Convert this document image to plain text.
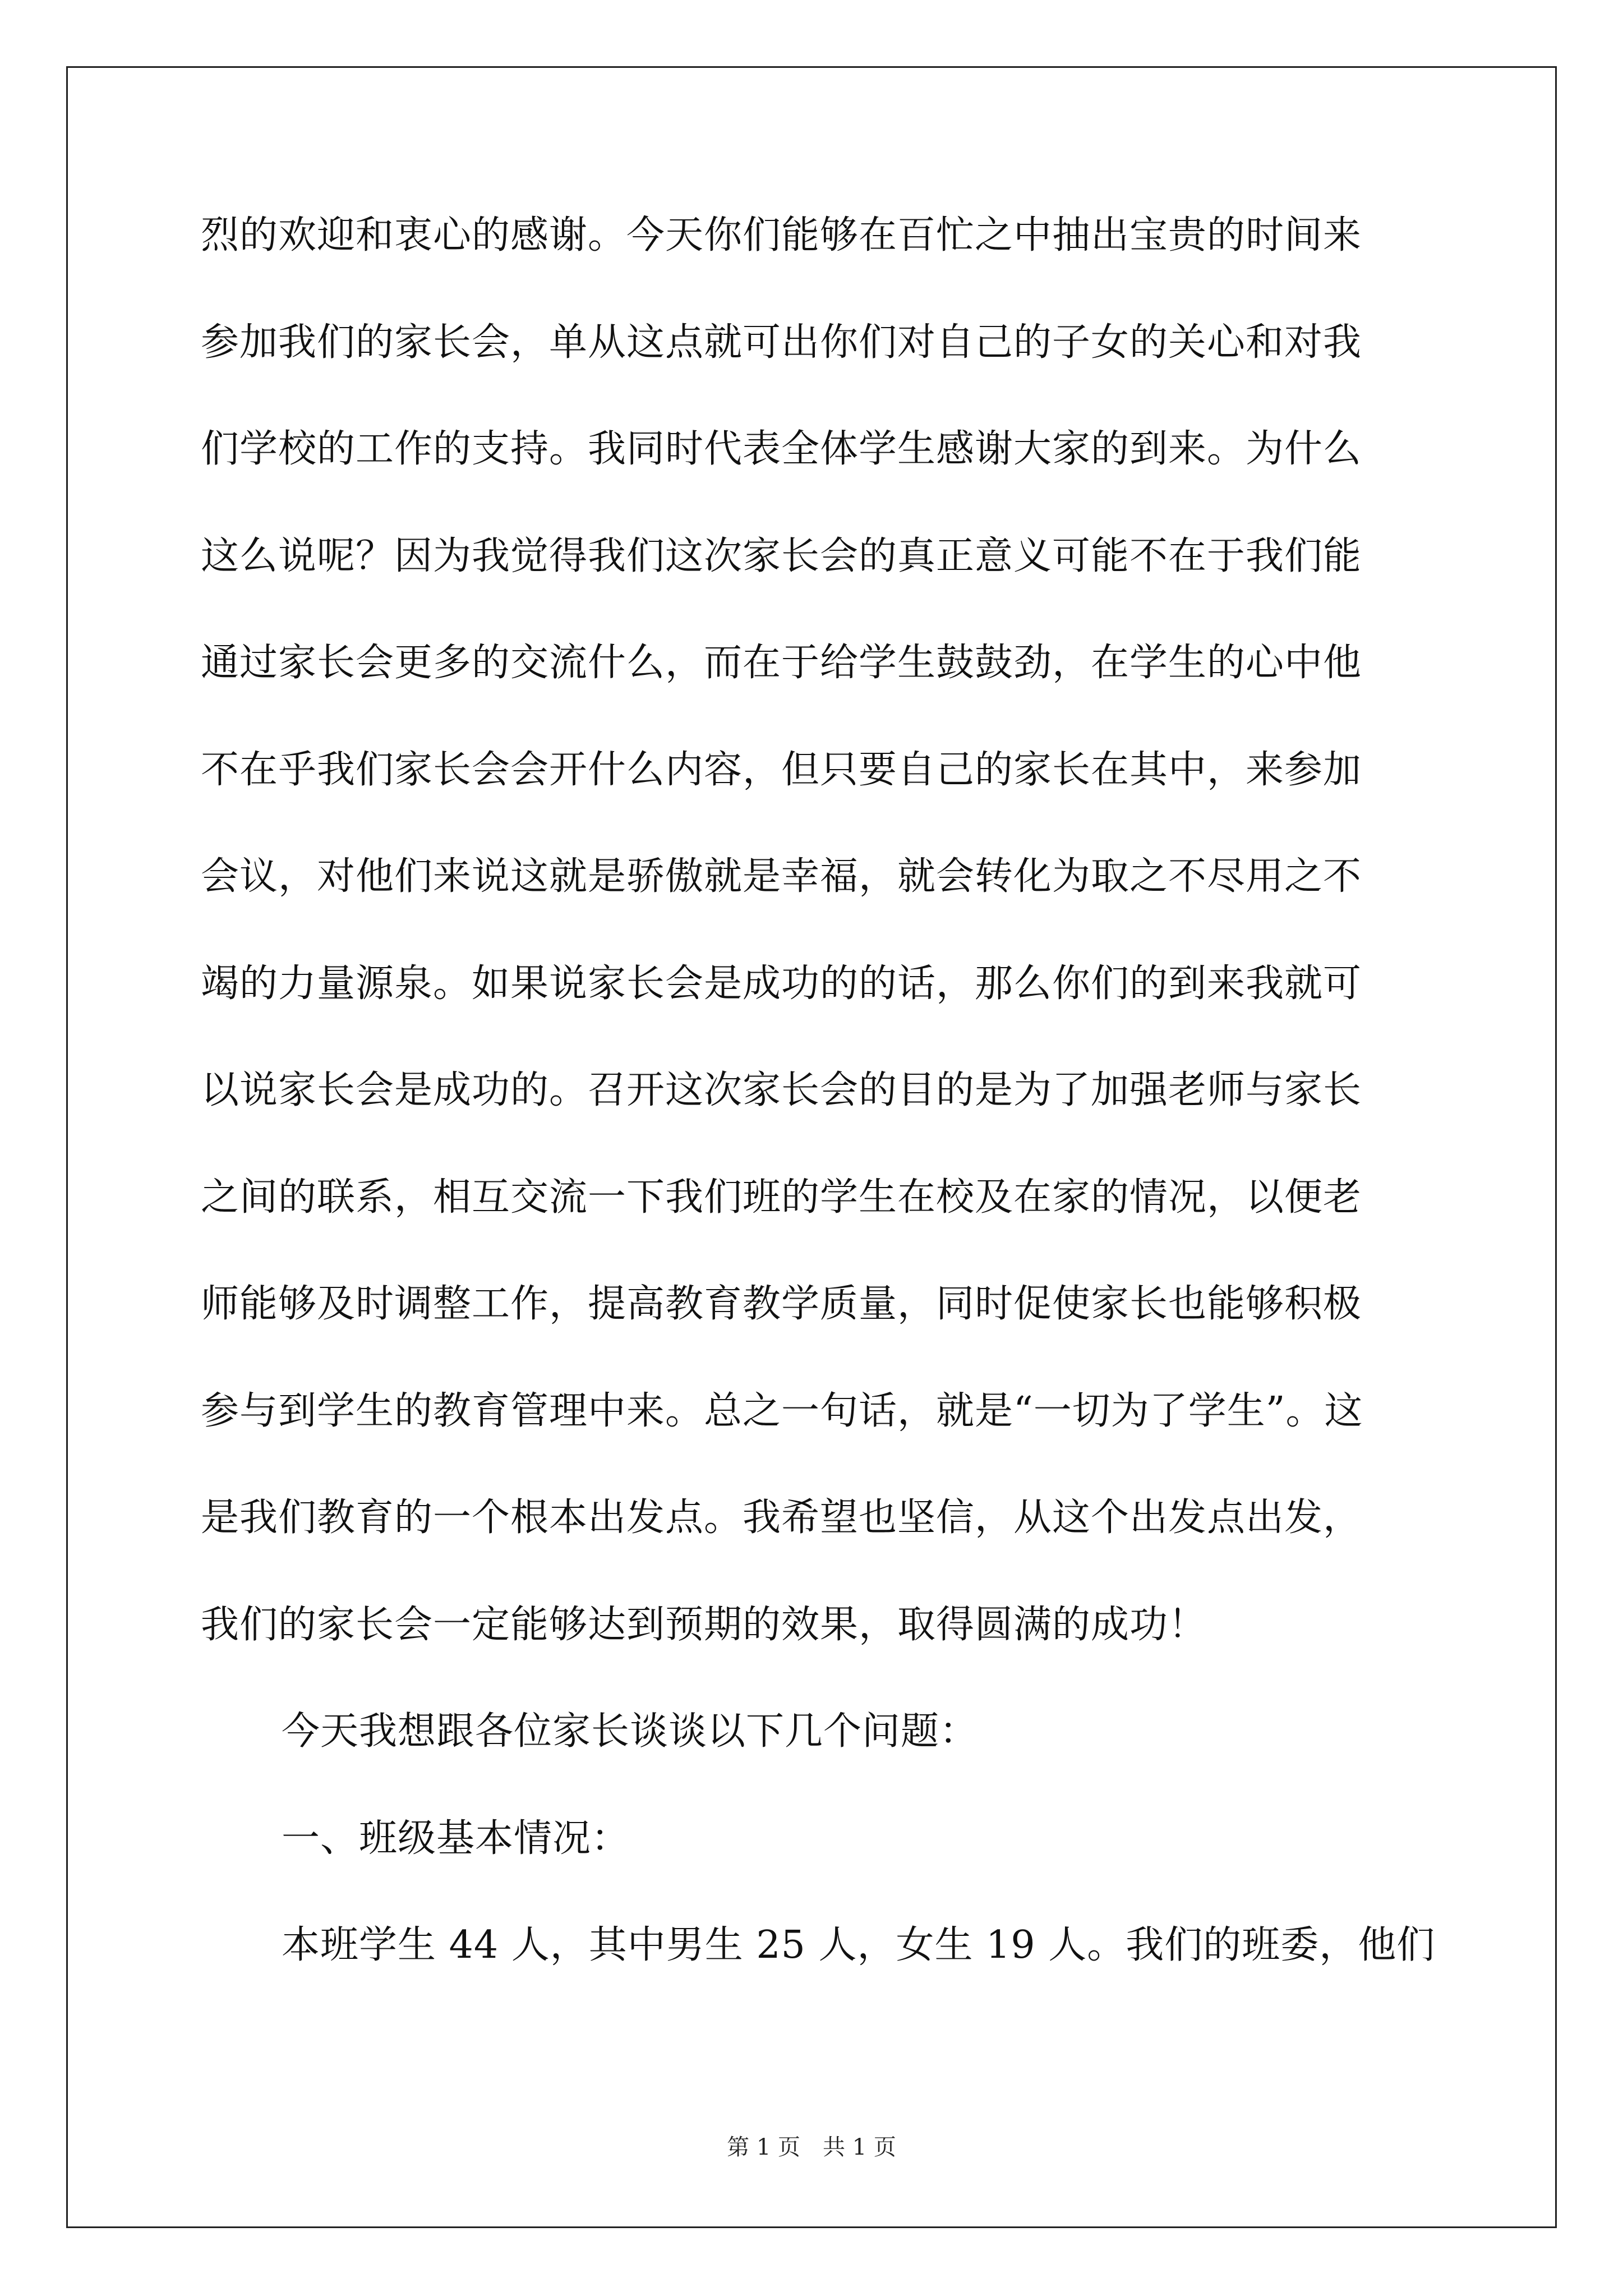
烈的欢迎和衷心的感谢。今天你们能够在百忙之中抽出宝贵的时间来
参加我们的家长会，单从这点就可出你们对自己的子女的关心和对我
们学校的工作的支持。我同时代表全体学生感谢大家的到来。为什么
这么说呢？因为我觉得我们这次家长会的真正意义可能不在于我们能
通过家长会更多的交流什么，而在于给学生鼓鼓劲，在学生的心中他
不在乎我们家长会会开什么内容，但只要自己的家长在其中，来参加
会议，对他们来说这就是骄傲就是幸福，就会转化为取之不尽用之不
竭的力量源泉。如果说家长会是成功的的话，那么你们的到来我就可
以说家长会是成功的。召开这次家长会的目的是为了加强老师与家长
之间的联系，相互交流一下我们班的学生在校及在家的情况，以便老
师能够及时调整工作，提高教育教学质量，同时促使家长也能够积极
参与到学生的教育管理中来。总之一句话，就是“一切为了学生”。这
是我们教育的一个根本出发点。我希望也坚信，从这个出发点出发，
我们的家长会一定能够达到预期的效果，取得圆满的成功！
今天我想跟各位家长谈谈以下几个问题：
一、班级基本情况：
本班学生 44 人，其中男生 25 人，女生 19 人。我们的班委，他们
第 1 页　共 1 页
